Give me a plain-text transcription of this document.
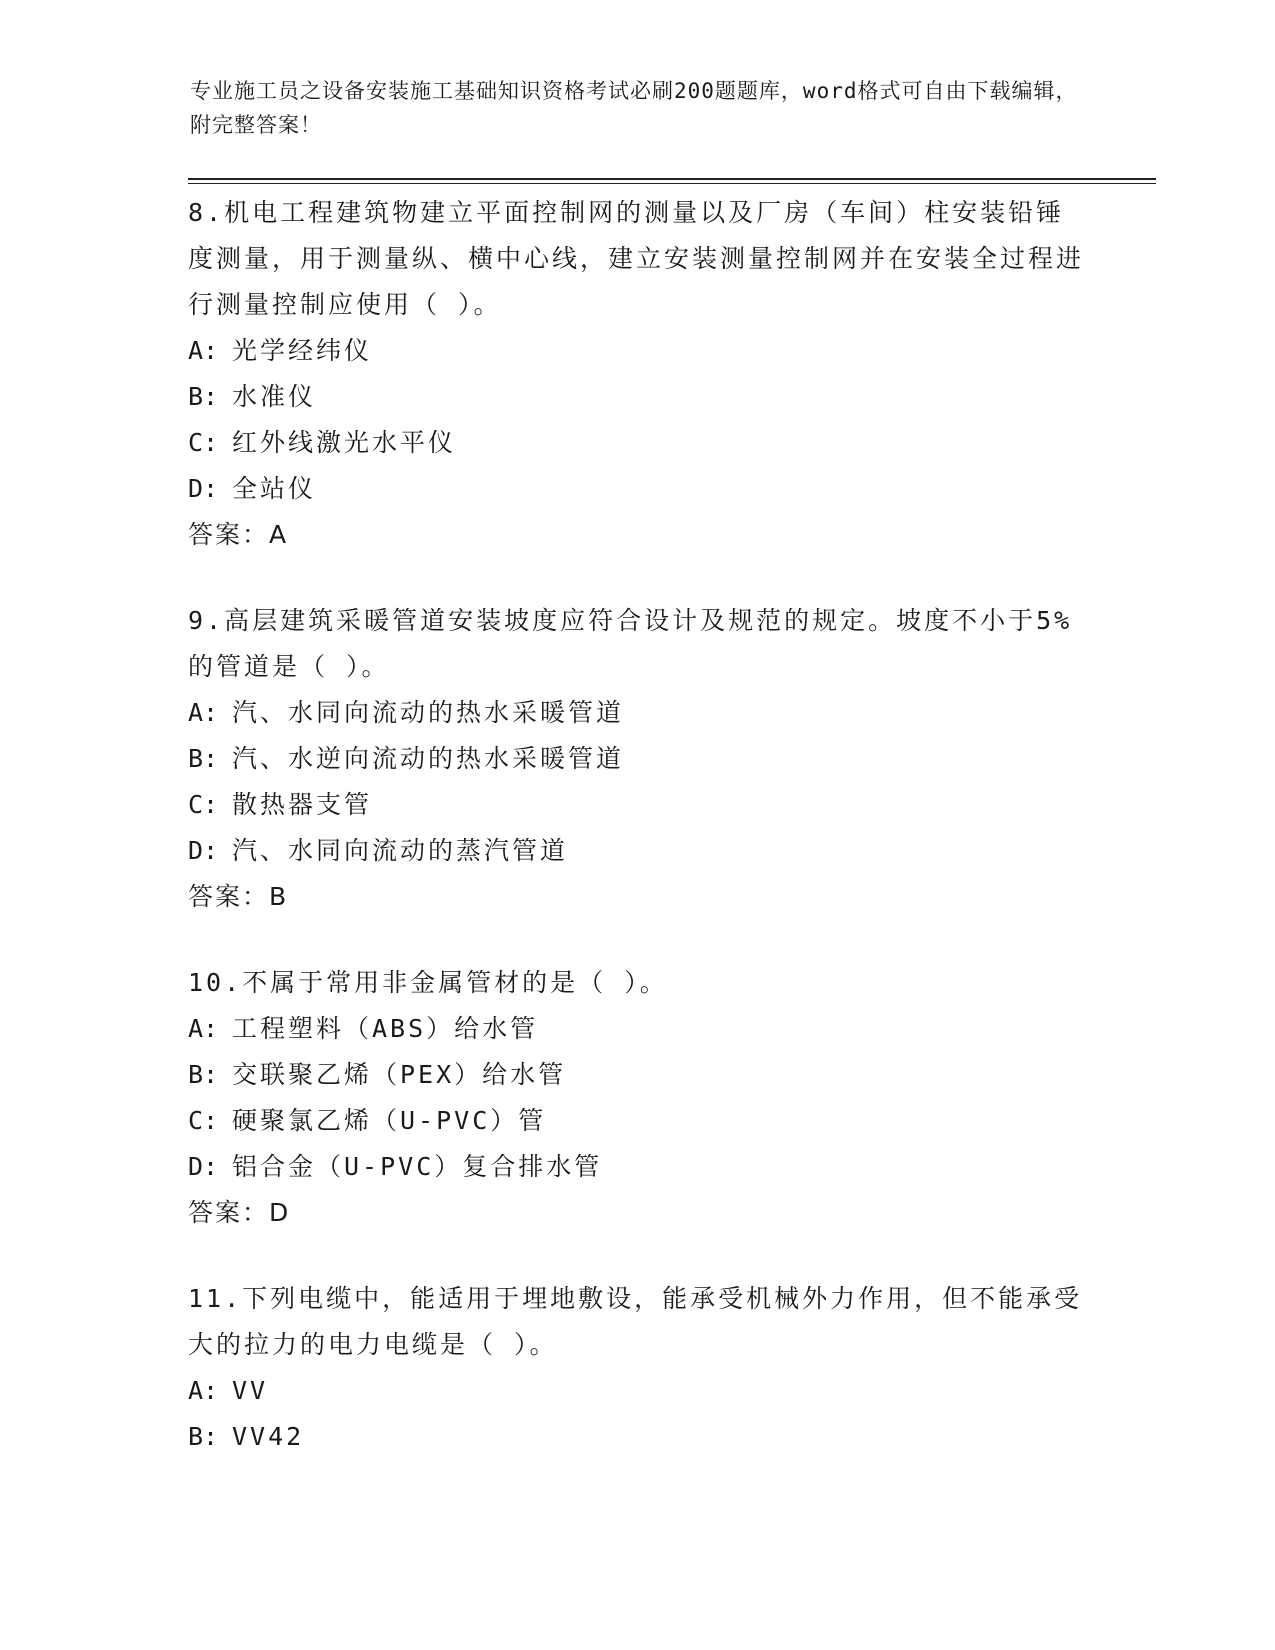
专业施工员之设备安装施工基础知识资格考试必刷200题题库，word格式可自由下载编辑，附完整答案！

8.机电工程建筑物建立平面控制网的测量以及厂房（车间）柱安装铅锤度测量，用于测量纵、横中心线，建立安装测量控制网并在安装全过程进行测量控制应使用（ ）。

A: 光学经纬仪

B: 水准仪

C: 红外线激光水平仪

D: 全站仪

答案：A

9.高层建筑采暖管道安装坡度应符合设计及规范的规定。坡度不小于5%的管道是（ ）。

A: 汽、水同向流动的热水采暖管道

B: 汽、水逆向流动的热水采暖管道

C: 散热器支管

D: 汽、水同向流动的蒸汽管道

答案：B

10.不属于常用非金属管材的是（ ）。

A: 工程塑料（ABS）给水管

B: 交联聚乙烯（PEX）给水管

C: 硬聚氯乙烯（U-PVC）管

D: 铝合金（U-PVC）复合排水管

答案：D

11.下列电缆中，能适用于埋地敷设，能承受机械外力作用，但不能承受大的拉力的电力电缆是（ ）。

A: VV

B: VV42
